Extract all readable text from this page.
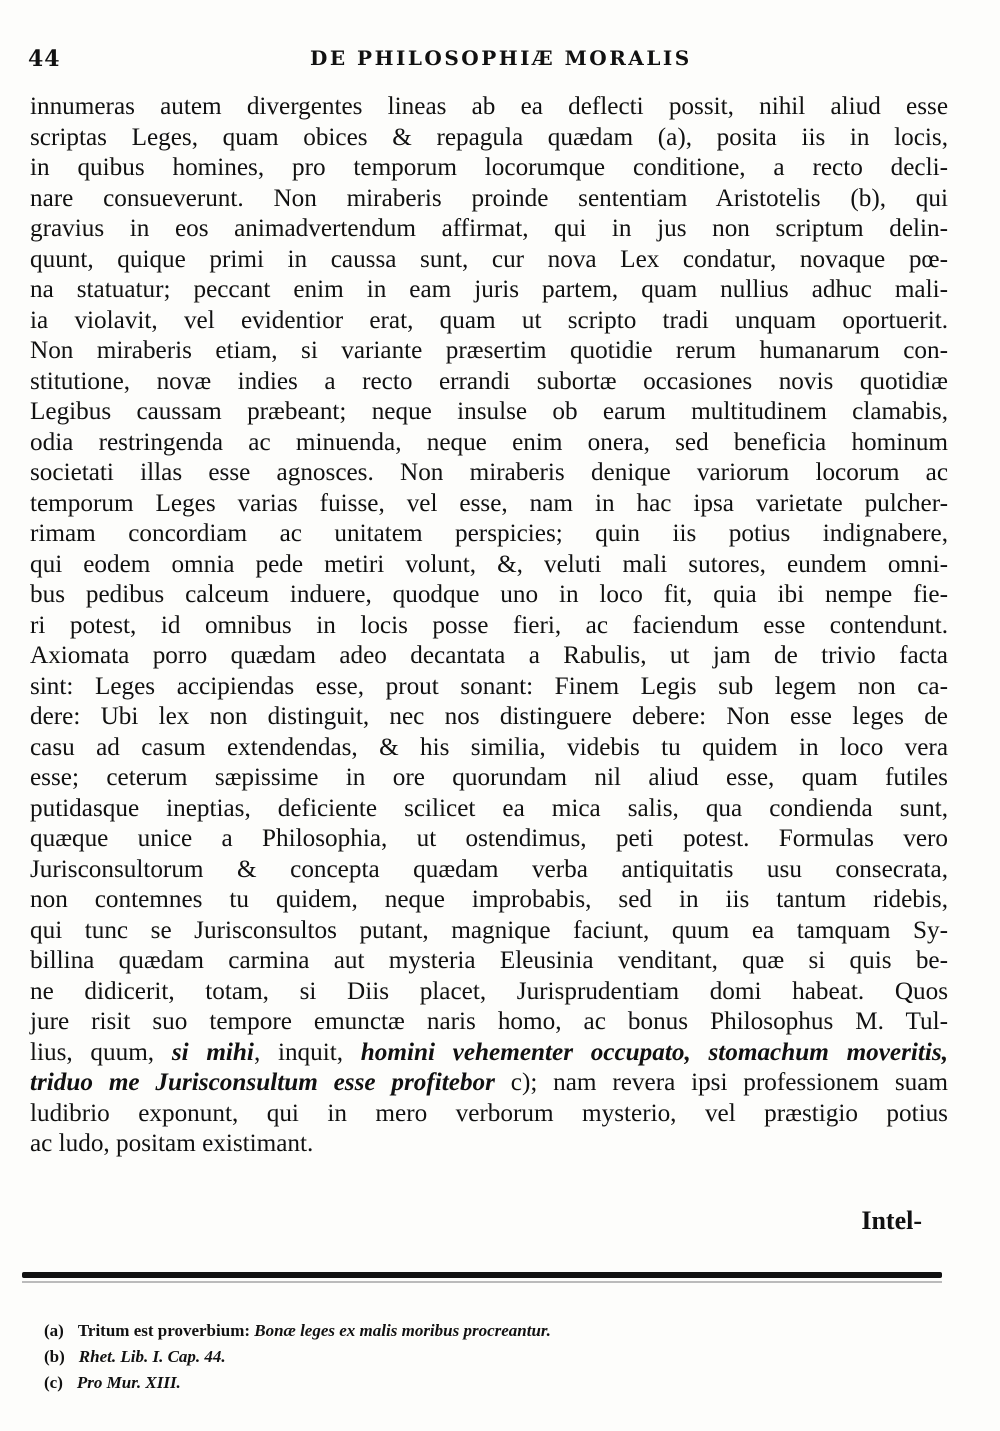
44	DE PHILOSOPHIÆ MORALIS
innumeras autem divergentes lineas ab ea deflecti possit, nihil aliud esse
scriptas Leges, quam obices & repagula quædam (a), posita iis in locis,
in quibus homines, pro temporum locorumque conditione, a recto decli-
nare consueverunt. Non miraberis proinde sententiam Aristotelis (b), qui
gravius in eos animadvertendum affirmat, qui in jus non scriptum delin-
quunt, quique primi in caussa sunt, cur nova Lex condatur, novaque pœ-
na statuatur; peccant enim in eam juris partem, quam nullius adhuc mali-
ia violavit, vel evidentior erat, quam ut scripto tradi unquam oportuerit.
Non miraberis etiam, si variante præsertim quotidie rerum humanarum con-
stitutione, novæ indies a recto errandi subortæ occasiones novis quotidiæ
Legibus caussam præbeant; neque insulse ob earum multitudinem clamabis,
odia restringenda ac minuenda, neque enim onera, sed beneficia hominum
societati illas esse agnosces. Non miraberis denique variorum locorum ac
temporum Leges varias fuisse, vel esse, nam in hac ipsa varietate pulcher-
rimam concordiam ac unitatem perspicies; quin iis potius indignabere,
qui eodem omnia pede metiri volunt, &, veluti mali sutores, eundem omni-
bus pedibus calceum induere, quodque uno in loco fit, quia ibi nempe fie-
ri potest, id omnibus in locis posse fieri, ac faciendum esse contendunt.
Axiomata porro quædam adeo decantata a Rabulis, ut jam de trivio facta
sint: Leges accipiendas esse, prout sonant: Finem Legis sub legem non ca-
dere: Ubi lex non distinguit, nec nos distinguere debere: Non esse leges de
casu ad casum extendendas, & his similia, videbis tu quidem in loco vera
esse; ceterum sæpissime in ore quorundam nil aliud esse, quam futiles
putidasque ineptias, deficiente scilicet ea mica salis, qua condienda sunt,
quæque unice a Philosophia, ut ostendimus, peti potest. Formulas vero
Jurisconsultorum & concepta quædam verba antiquitatis usu consecrata,
non contemnes tu quidem, neque improbabis, sed in iis tantum ridebis,
qui tunc se Jurisconsultos putant, magnique faciunt, quum ea tamquam Sy-
billina quædam carmina aut mysteria Eleusinia venditant, quæ si quis be-
ne didicerit, totam, si Diis placet, Jurisprudentiam domi habeat. Quos
jure risit suo tempore emunctæ naris homo, ac bonus Philosophus M. Tul-
lius, quum, si mihi, inquit, homini vehementer occupato, stomachum moveritis,
triduo me Jurisconsultum esse profitebor c); nam revera ipsi professionem suam
ludibrio exponunt, qui in mero verborum mysterio, vel præstigio potius
ac ludo, positam existimant.
Intel-
(a) Tritum est proverbium: Bonæ leges ex malis moribus procreantur.
(b) Rhet. Lib. I. Cap. 44.
(c) Pro Mur. XIII.
